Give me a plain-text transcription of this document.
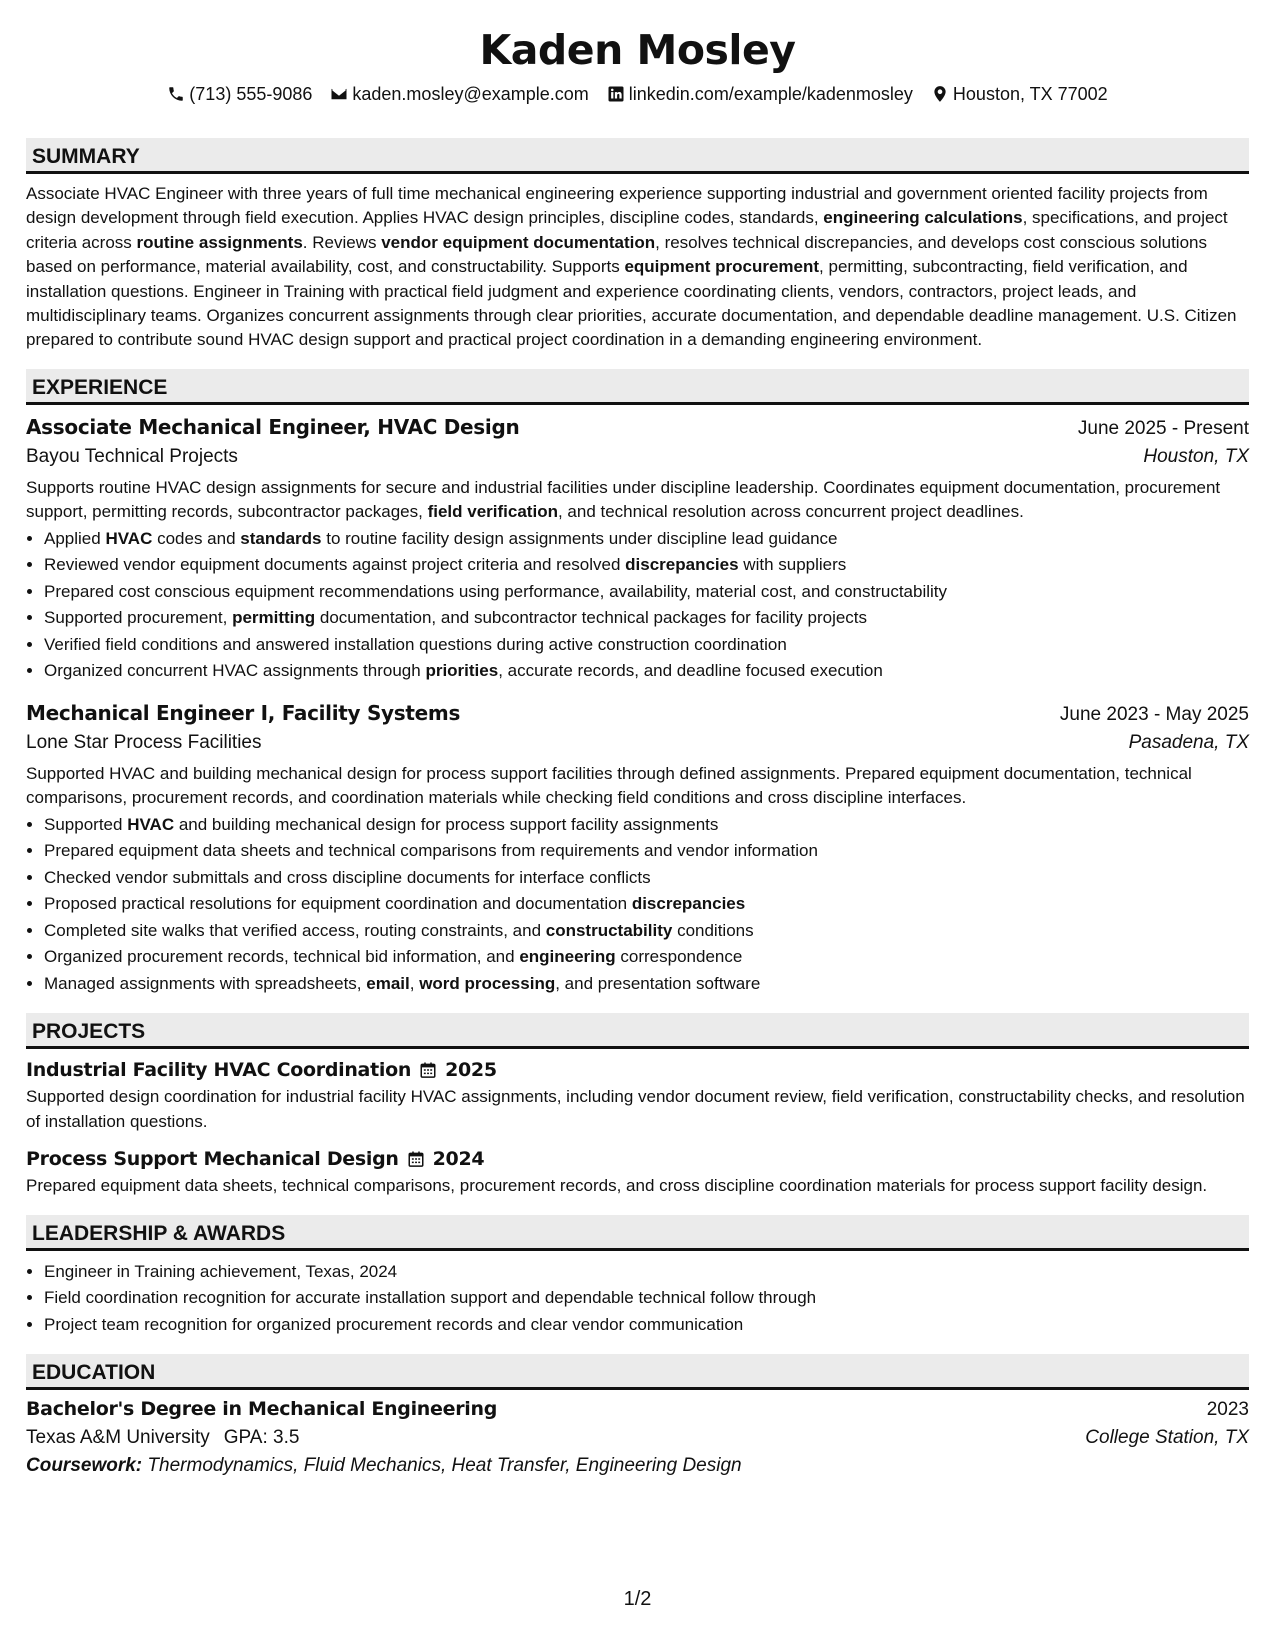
Kaden Mosley
(713) 555-9086 kaden.mosley@example.com linkedin.com/example/kadenmosley Houston, TX 77002
SUMMARY
Associate HVAC Engineer with three years of full time mechanical engineering experience supporting industrial and government oriented facility projects from design development through field execution. Applies HVAC design principles, discipline codes, standards, engineering calculations, specifications, and project criteria across routine assignments. Reviews vendor equipment documentation, resolves technical discrepancies, and develops cost conscious solutions based on performance, material availability, cost, and constructability. Supports equipment procurement, permitting, subcontracting, field verification, and installation questions. Engineer in Training with practical field judgment and experience coordinating clients, vendors, contractors, project leads, and multidisciplinary teams. Organizes concurrent assignments through clear priorities, accurate documentation, and dependable deadline management. U.S. Citizen prepared to contribute sound HVAC design support and practical project coordination in a demanding engineering environment.
EXPERIENCE
Associate Mechanical Engineer, HVAC Design	June 2025 - Present
Bayou Technical Projects	Houston, TX
Supports routine HVAC design assignments for secure and industrial facilities under discipline leadership. Coordinates equipment documentation, procurement support, permitting records, subcontractor packages, field verification, and technical resolution across concurrent project deadlines.
• Applied HVAC codes and standards to routine facility design assignments under discipline lead guidance
• Reviewed vendor equipment documents against project criteria and resolved discrepancies with suppliers
• Prepared cost conscious equipment recommendations using performance, availability, material cost, and constructability
• Supported procurement, permitting documentation, and subcontractor technical packages for facility projects
• Verified field conditions and answered installation questions during active construction coordination
• Organized concurrent HVAC assignments through priorities, accurate records, and deadline focused execution
Mechanical Engineer I, Facility Systems	June 2023 - May 2025
Lone Star Process Facilities	Pasadena, TX
Supported HVAC and building mechanical design for process support facilities through defined assignments. Prepared equipment documentation, technical comparisons, procurement records, and coordination materials while checking field conditions and cross discipline interfaces.
• Supported HVAC and building mechanical design for process support facility assignments
• Prepared equipment data sheets and technical comparisons from requirements and vendor information
• Checked vendor submittals and cross discipline documents for interface conflicts
• Proposed practical resolutions for equipment coordination and documentation discrepancies
• Completed site walks that verified access, routing constraints, and constructability conditions
• Organized procurement records, technical bid information, and engineering correspondence
• Managed assignments with spreadsheets, email, word processing, and presentation software
PROJECTS
Industrial Facility HVAC Coordination 2025
Supported design coordination for industrial facility HVAC assignments, including vendor document review, field verification, constructability checks, and resolution of installation questions.
Process Support Mechanical Design 2024
Prepared equipment data sheets, technical comparisons, procurement records, and cross discipline coordination materials for process support facility design.
LEADERSHIP & AWARDS
• Engineer in Training achievement, Texas, 2024
• Field coordination recognition for accurate installation support and dependable technical follow through
• Project team recognition for organized procurement records and clear vendor communication
EDUCATION
Bachelor's Degree in Mechanical Engineering	2023
Texas A&M University GPA: 3.5	College Station, TX
Coursework: Thermodynamics, Fluid Mechanics, Heat Transfer, Engineering Design
1/2
